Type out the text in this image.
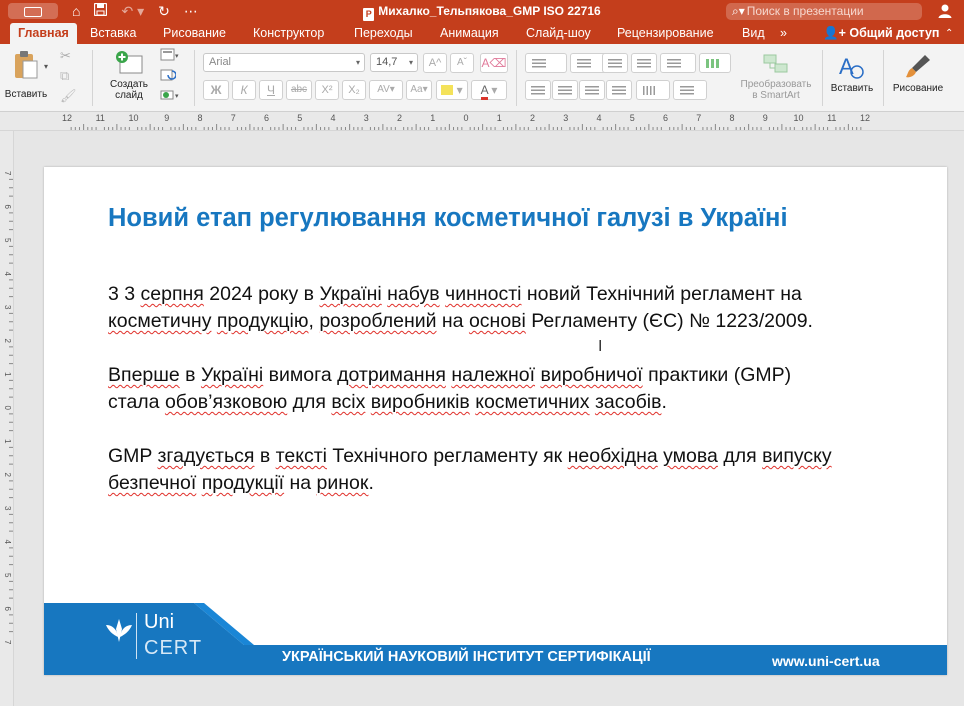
⌂	↶ ▾ ↻ ⋯	P Михалко_Тельпякова_GMP ISO 22716	⌕▾ Поиск в презентации
Главная	Вставка	Рисование	Конструктор	Переходы	Анимация	Слайд-шоу	Рецензирование	Вид	»	👤+ Общий доступ ⌃
Вставить
▾
✂
⧉
🖌
Создать
слайд
▾
▾
Arial	▾	14,7 ▾	A^	Aˇ	A⌫
Ж	К	Ч	abc	X²	X₂	AV▾	Aa▾	▾	A ▾	Преобразовать
в SmartArt
A
Вставить	Рисование
12	11	10	9	8	7	6	5	4	3	2	1	0	1	2	3	4	5	6	7	8	9	10	11	12
7
6
5
4
3
2
1
0
1
2
3
4
5
6
7
Новий етап регулювання косметичної галузі в Україні
3 3 серпня 2024 року в Україні набув чинності новий Технічний регламент на
косметичну продукцію, розроблений на основі Регламенту (ЄС) № 1223/2009.
Вперше в Україні вимога дотримання належної виробничої практики (GMP)
стала обов’язковою для всіх виробників косметичних засобів.
GMP згадується в тексті Технічного регламенту як необхідна умова для випуску
безпечної продукції на ринок.
I
Uni
CERT	УКРАЇНСЬКИЙ НАУКОВИЙ ІНСТИТУТ СЕРТИФІКАЦІЇ	www.uni-cert.ua
